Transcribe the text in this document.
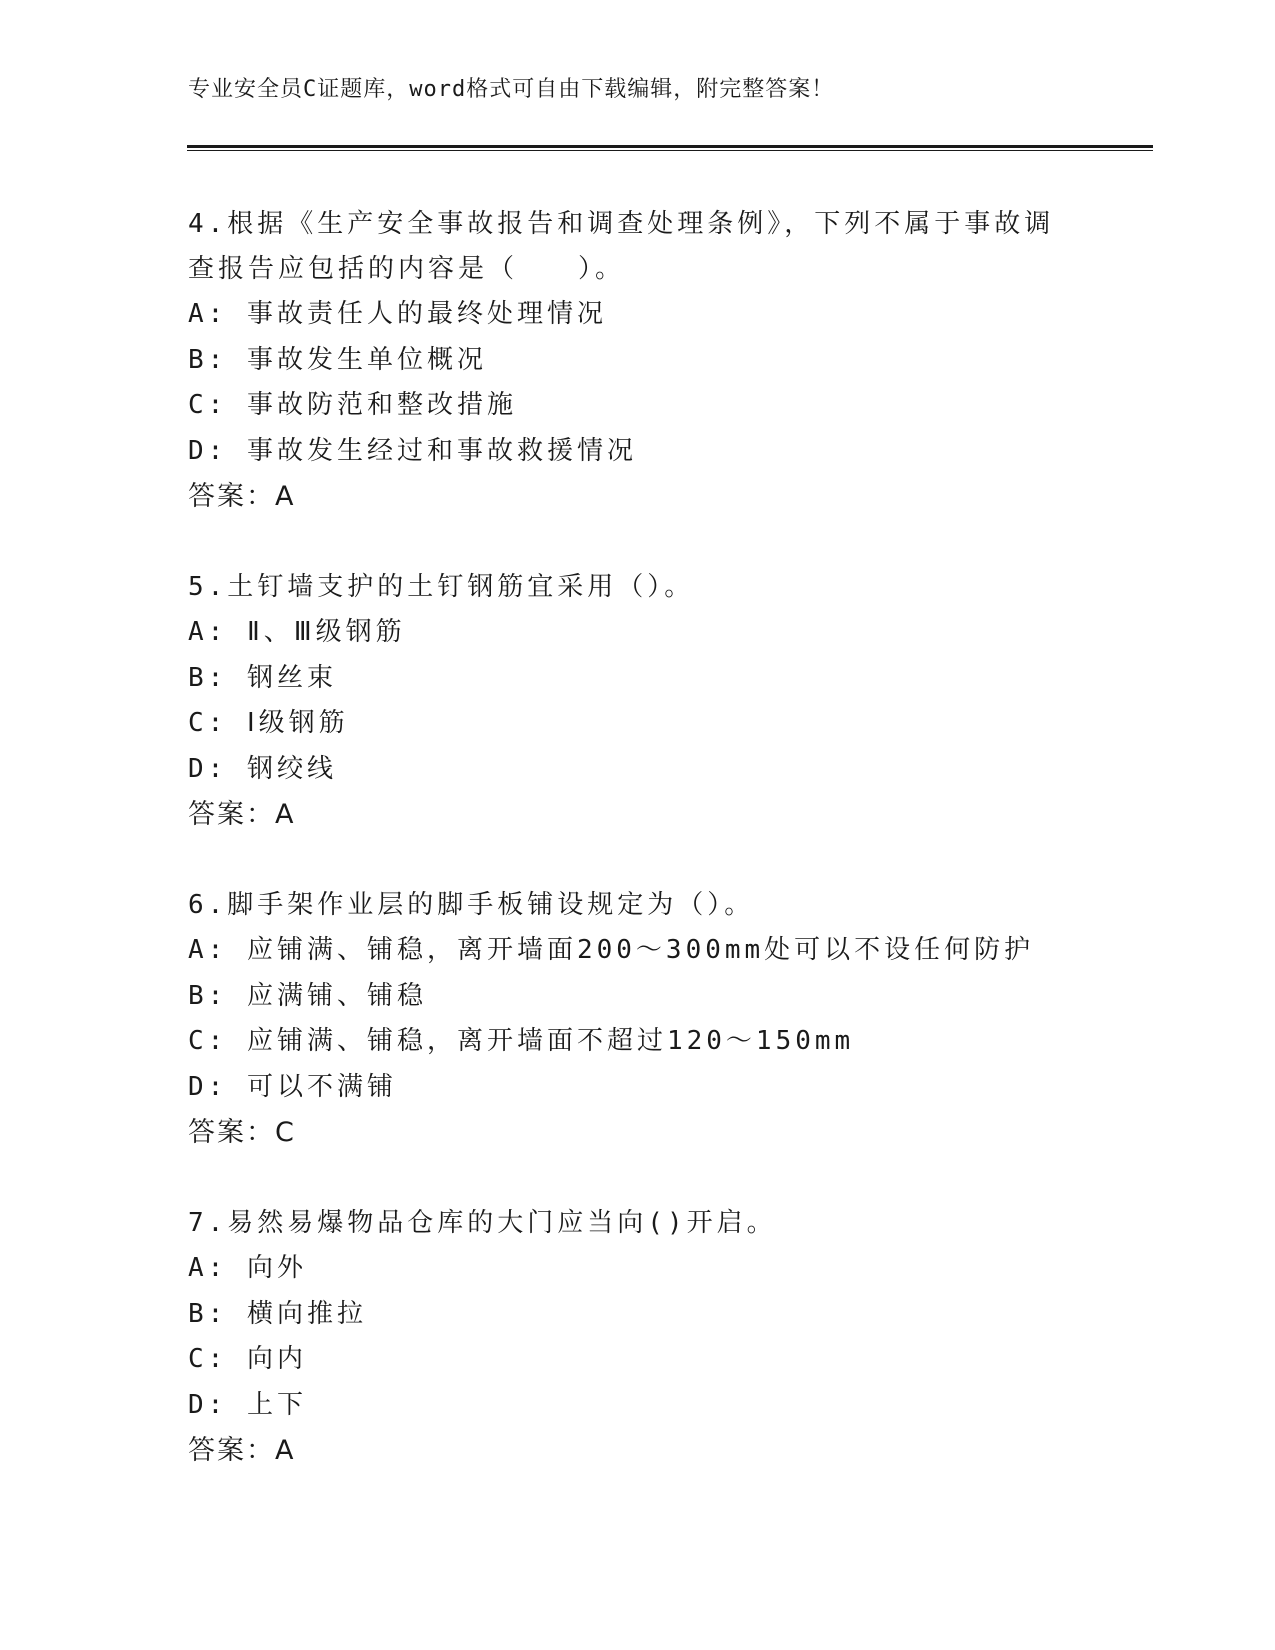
专业安全员C证题库，word格式可自由下载编辑，附完整答案！

4.根据《生产安全事故报告和调查处理条例》，下列不属于事故调查报告应包括的内容是（　　）。

A: 事故责任人的最终处理情况

B: 事故发生单位概况

C: 事故防范和整改措施

D: 事故发生经过和事故救援情况

答案：A

5.土钉墙支护的土钉钢筋宜采用（）。

A: Ⅱ、Ⅲ级钢筋

B: 钢丝束

C: Ⅰ级钢筋

D: 钢绞线

答案：A

6.脚手架作业层的脚手板铺设规定为（）。

A: 应铺满、铺稳，离开墙面200～300mm处可以不设任何防护

B: 应满铺、铺稳

C: 应铺满、铺稳，离开墙面不超过120～150mm

D: 可以不满铺

答案：C

7.易然易爆物品仓库的大门应当向()开启。

A: 向外

B: 横向推拉

C: 向内

D: 上下

答案：A
